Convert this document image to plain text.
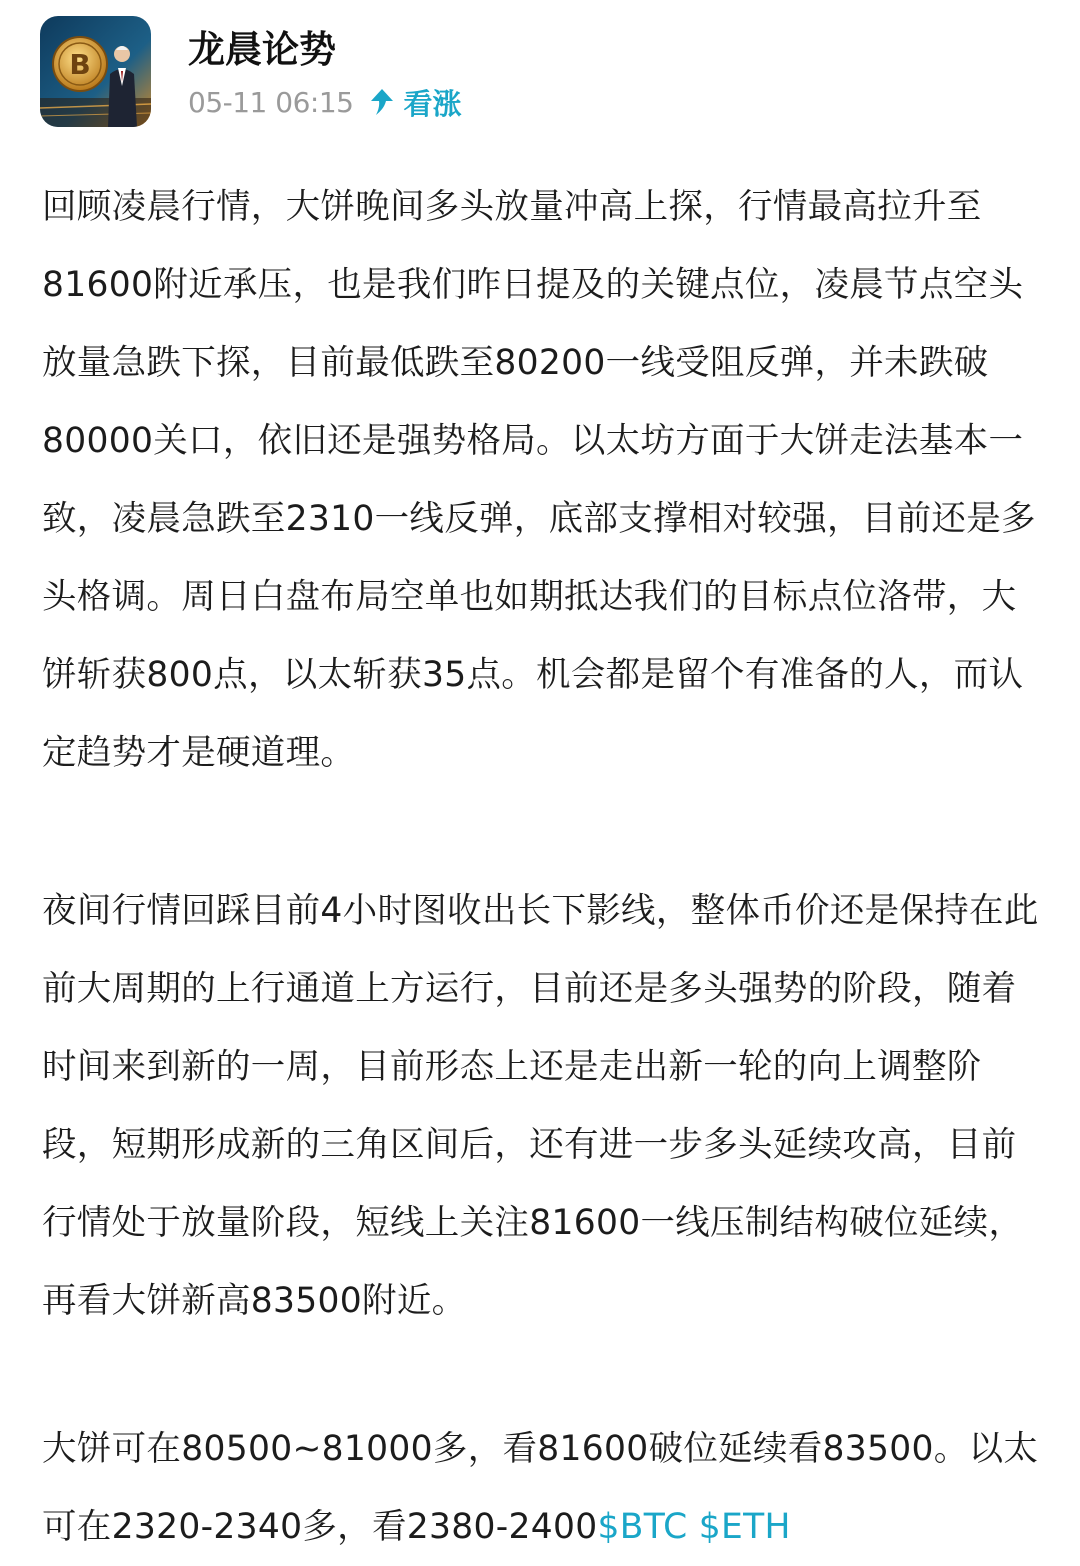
B	龙晨论势
05-11 06:15 看涨

回顾凌晨行情，大饼晚间多头放量冲高上探，行情最高拉升至81600附近承压，也是我们昨日提及的关键点位，凌晨节点空头放量急跌下探，目前最低跌至80200一线受阻反弹，并未跌破80000关口，依旧还是强势格局。以太坊方面于大饼走法基本一致，凌晨急跌至2310一线反弹，底部支撑相对较强，目前还是多头格调。周日白盘布局空单也如期抵达我们的目标点位洛带，大饼斩获800点，以太斩获35点。机会都是留个有准备的人，而认定趋势才是硬道理。

夜间行情回踩目前4小时图收出长下影线，整体币价还是保持在此前大周期的上行通道上方运行，目前还是多头强势的阶段，随着时间来到新的一周，目前形态上还是走出新一轮的向上调整阶段，短期形成新的三角区间后，还有进一步多头延续攻高，目前行情处于放量阶段，短线上关注81600一线压制结构破位延续，再看大饼新高83500附近。

大饼可在80500~81000多，看81600破位延续看83500。以太可在2320-2340多，看2380-2400$BTC $ETH
